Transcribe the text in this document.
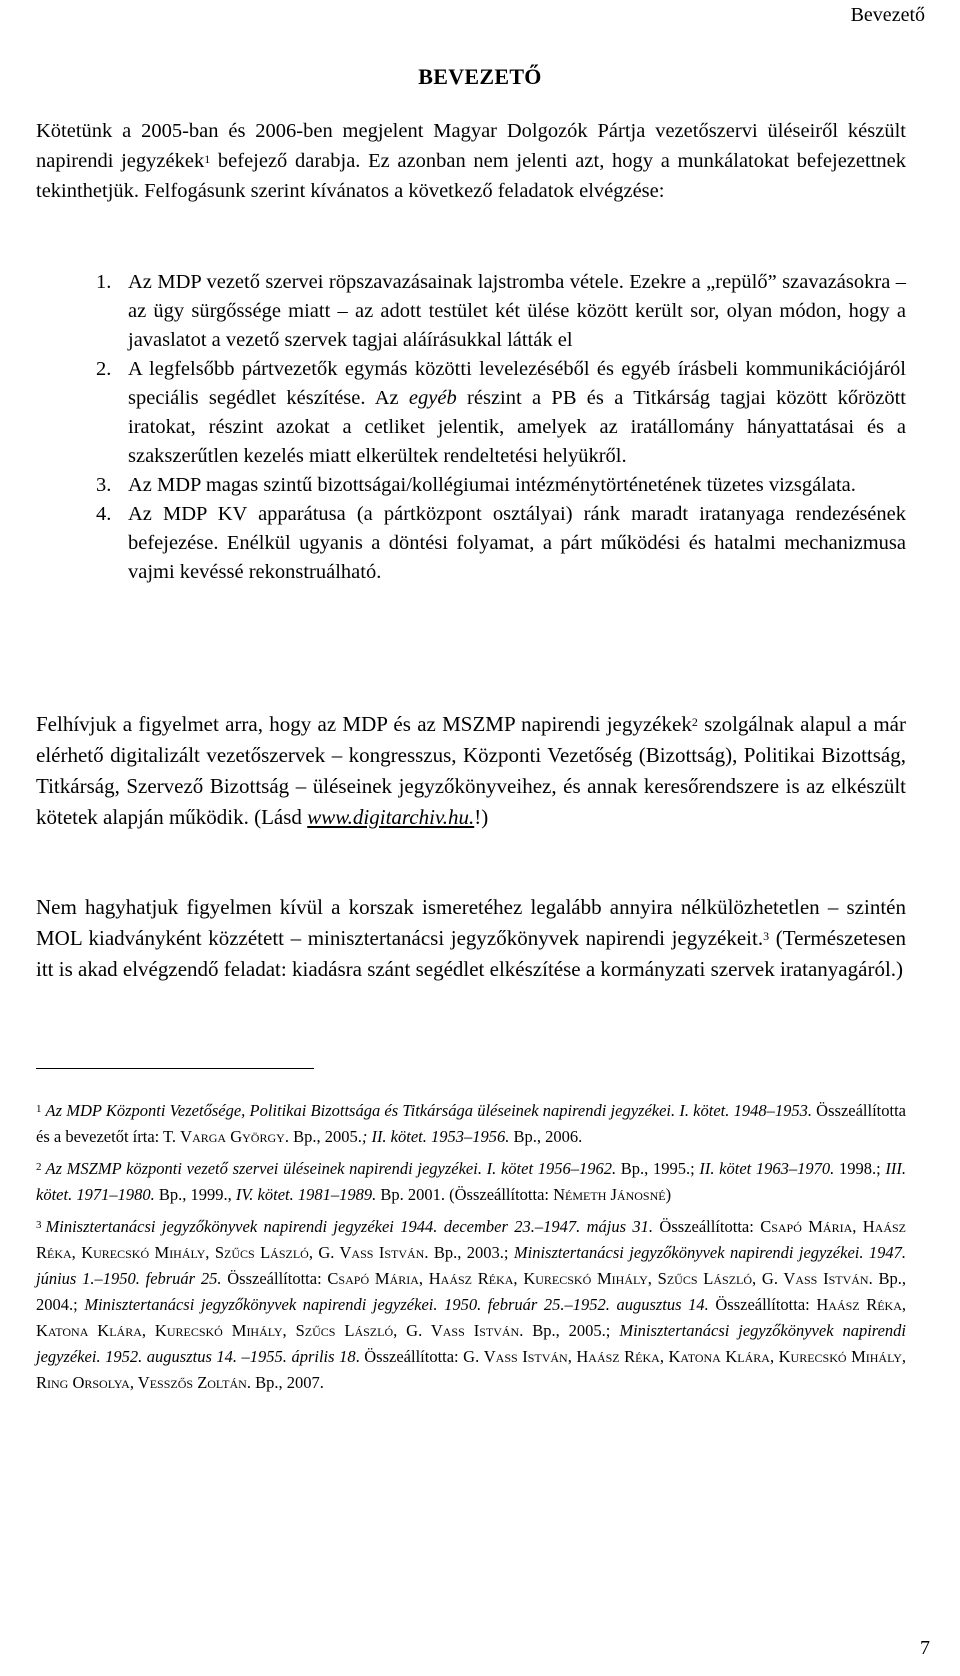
Bevezető
BEVEZETŐ

Kötetünk a 2005-ban és 2006-ben megjelent Magyar Dolgozók Pártja vezetőszervi üléseiről készült napirendi jegyzékek$^1$ befejező darabja. Ez azonban nem jelenti azt, hogy a munkálatokat befejezettnek tekinthetjük. Felfogásunk szerint kívánatos a következő feladatok elvégzése:

1. Az MDP vezető szervei röpszavazásainak lajstromba vétele. Ezekre a „repülő” szavazásokra – az ügy sürgőssége miatt – az adott testület két ülése között került sor, olyan módon, hogy a javaslatot a vezető szervek tagjai aláírásukkal látták el
2. A legfelsőbb pártvezetők egymás közötti levelezéséből és egyéb írásbeli kommunikációjáról speciális segédlet készítése. Az egyéb részint a PB és a Titkárság tagjai között kőrözött iratokat, részint azokat a cetliket jelentik, amelyek az iratállomány hányattatásai és a szakszerűtlen kezelés miatt elkerültek rendeltetési helyükről.
3. Az MDP magas szintű bizottságai/kollégiumai intézménytörténetének tüzetes vizsgálata.
4. Az MDP KV apparátusa (a pártközpont osztályai) ránk maradt iratanyaga rendezésének befejezése. Enélkül ugyanis a döntési folyamat, a párt működési és hatalmi mechanizmusa vajmi kevéssé rekonstruálható.

Felhívjuk a figyelmet arra, hogy az MDP és az MSZMP napirendi jegyzékek$^2$ szolgálnak alapul a már elérhető digitalizált vezetőszervek – kongresszus, Központi Vezetőség (Bizottság), Politikai Bizottság, Titkárság, Szervező Bizottság – üléseinek jegyzőkönyveihez, és annak keresőrendszere is az elkészült kötetek alapján működik. (Lásd www.digitarchiv.hu.!)

Nem hagyhatjuk figyelmen kívül a korszak ismeretéhez legalább annyira nélkülözhetetlen – szintén MOL kiadványként közzétett – minisztertanácsi jegyzőkönyvek napirendi jegyzékeit.$^3$ (Természetesen itt is akad elvégzendő feladat: kiadásra szánt segédlet elkészítése a kormányzati szervek iratanyagáról.)

$^1$ Az MDP Központi Vezetősége, Politikai Bizottsága és Titkársága üléseinek napirendi jegyzékei. I. kötet. 1948–1953. Összeállította és a bevezetőt írta: T. Varga György. Bp., 2005.; II. kötet. 1953–1956. Bp., 2006.

$^2$ Az MSZMP központi vezető szervei üléseinek napirendi jegyzékei. I. kötet 1956–1962. Bp., 1995.; II. kötet 1963–1970. 1998.; III. kötet. 1971–1980. Bp., 1999., IV. kötet. 1981–1989. Bp. 2001. (Összeállította: Németh Jánosné)

$^3$ Minisztertanácsi jegyzőkönyvek napirendi jegyzékei 1944. december 23.–1947. május 31. Összeállította: Csapó Mária, Haász Réka, Kurecskó Mihály, Szűcs László, G. Vass István. Bp., 2003.; Minisztertanácsi jegyzőkönyvek napirendi jegyzékei. 1947. június 1.–1950. február 25. Összeállította: Csapó Mária, Haász Réka, Kurecskó Mihály, Szűcs László, G. Vass István. Bp., 2004.; Minisztertanácsi jegyzőkönyvek napirendi jegyzékei. 1950. február 25.–1952. augusztus 14. Összeállította: Haász Réka, Katona Klára, Kurecskó Mihály, Szűcs László, G. Vass István. Bp., 2005.; Minisztertanácsi jegyzőkönyvek napirendi jegyzékei. 1952. augusztus 14. –1955. április 18. Összeállította: G. Vass István, Haász Réka, Katona Klára, Kurecskó Mihály, Ring Orsolya, Vesszős Zoltán. Bp., 2007.

7
